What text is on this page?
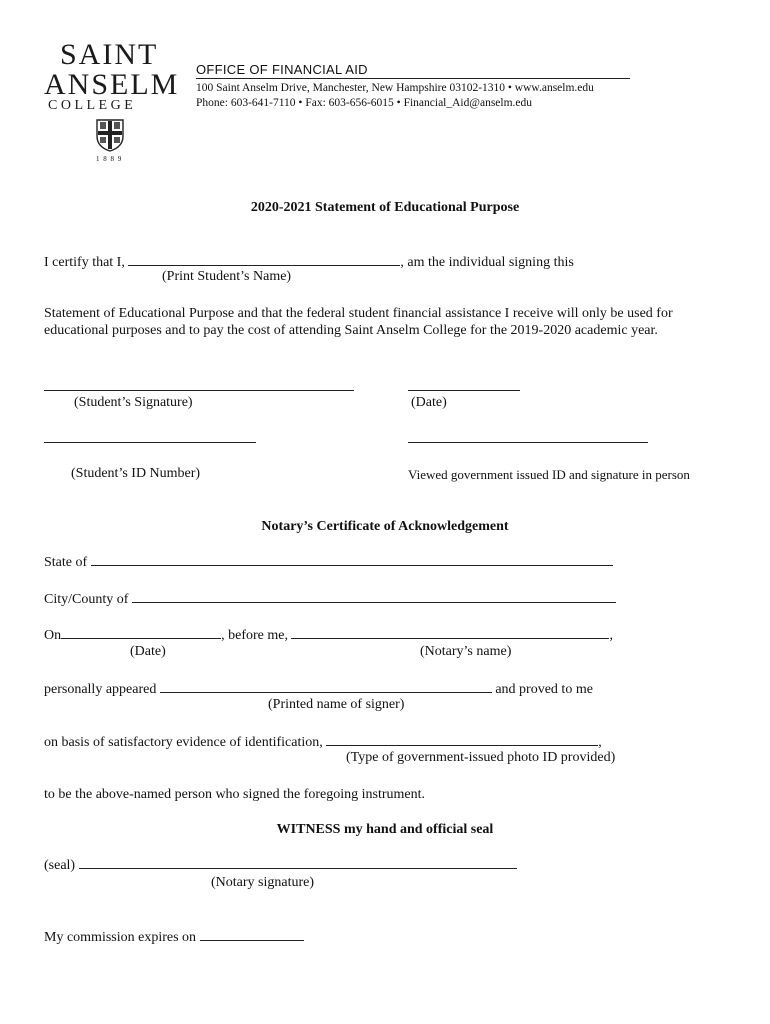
SAINT
ANSELM
COLLEGE
1 8 8 9
OFFICE OF FINANCIAL AID
100 Saint Anselm Drive, Manchester, New Hampshire 03102-1310 • www.anselm.edu
Phone: 603-641-7110 • Fax: 603-656-6015 • Financial_Aid@anselm.edu
2020-2021 Statement of Educational Purpose
I certify that I,	, am the individual signing this
(Print Student’s Name)
Statement of Educational Purpose and that the federal student financial assistance I receive will only be used for
educational purposes and to pay the cost of attending Saint Anselm College for the 2019-2020 academic year.
(Student’s Signature)	(Date)
(Student’s ID Number)	Viewed government issued ID and signature in person
Notary’s Certificate of Acknowledgement
State of
City/County of
On	, before me,	,
(Date)	(Notary’s name)
personally appeared	and proved to me
(Printed name of signer)
on basis of satisfactory evidence of identification,	,
(Type of government-issued photo ID provided)
to be the above-named person who signed the foregoing instrument.
WITNESS my hand and official seal
(seal)
(Notary signature)
My commission expires on
